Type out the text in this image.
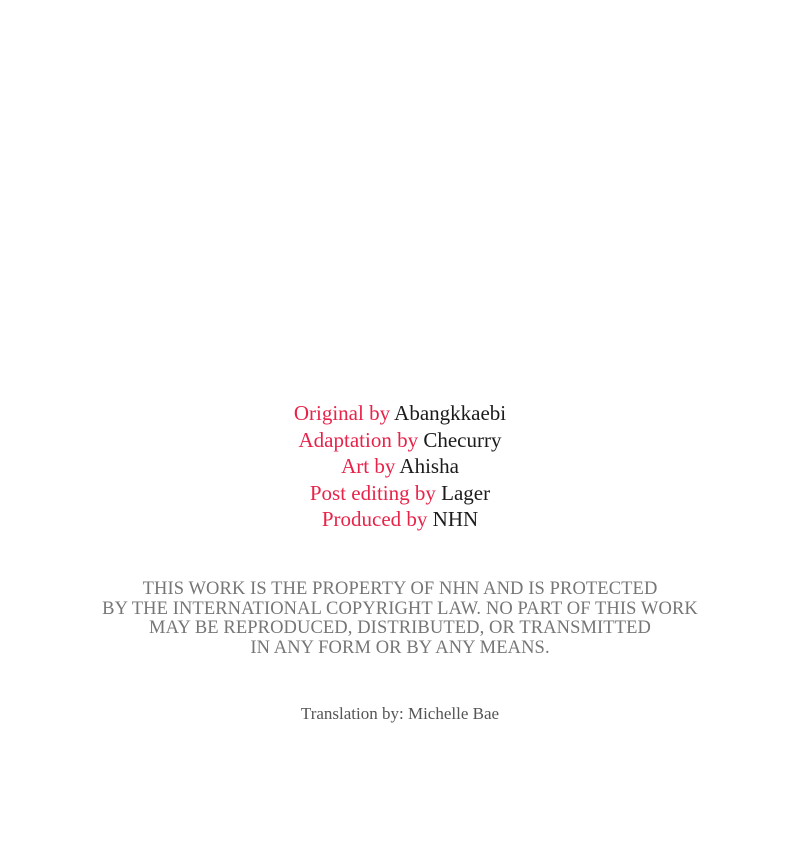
Original by Abangkkaebi
Adaptation by Checurry
Art by Ahisha
Post editing by Lager
Produced by NHN
THIS WORK IS THE PROPERTY OF NHN AND IS PROTECTED
BY THE INTERNATIONAL COPYRIGHT LAW. NO PART OF THIS WORK
MAY BE REPRODUCED, DISTRIBUTED, OR TRANSMITTED
IN ANY FORM OR BY ANY MEANS.
Translation by: Michelle Bae
